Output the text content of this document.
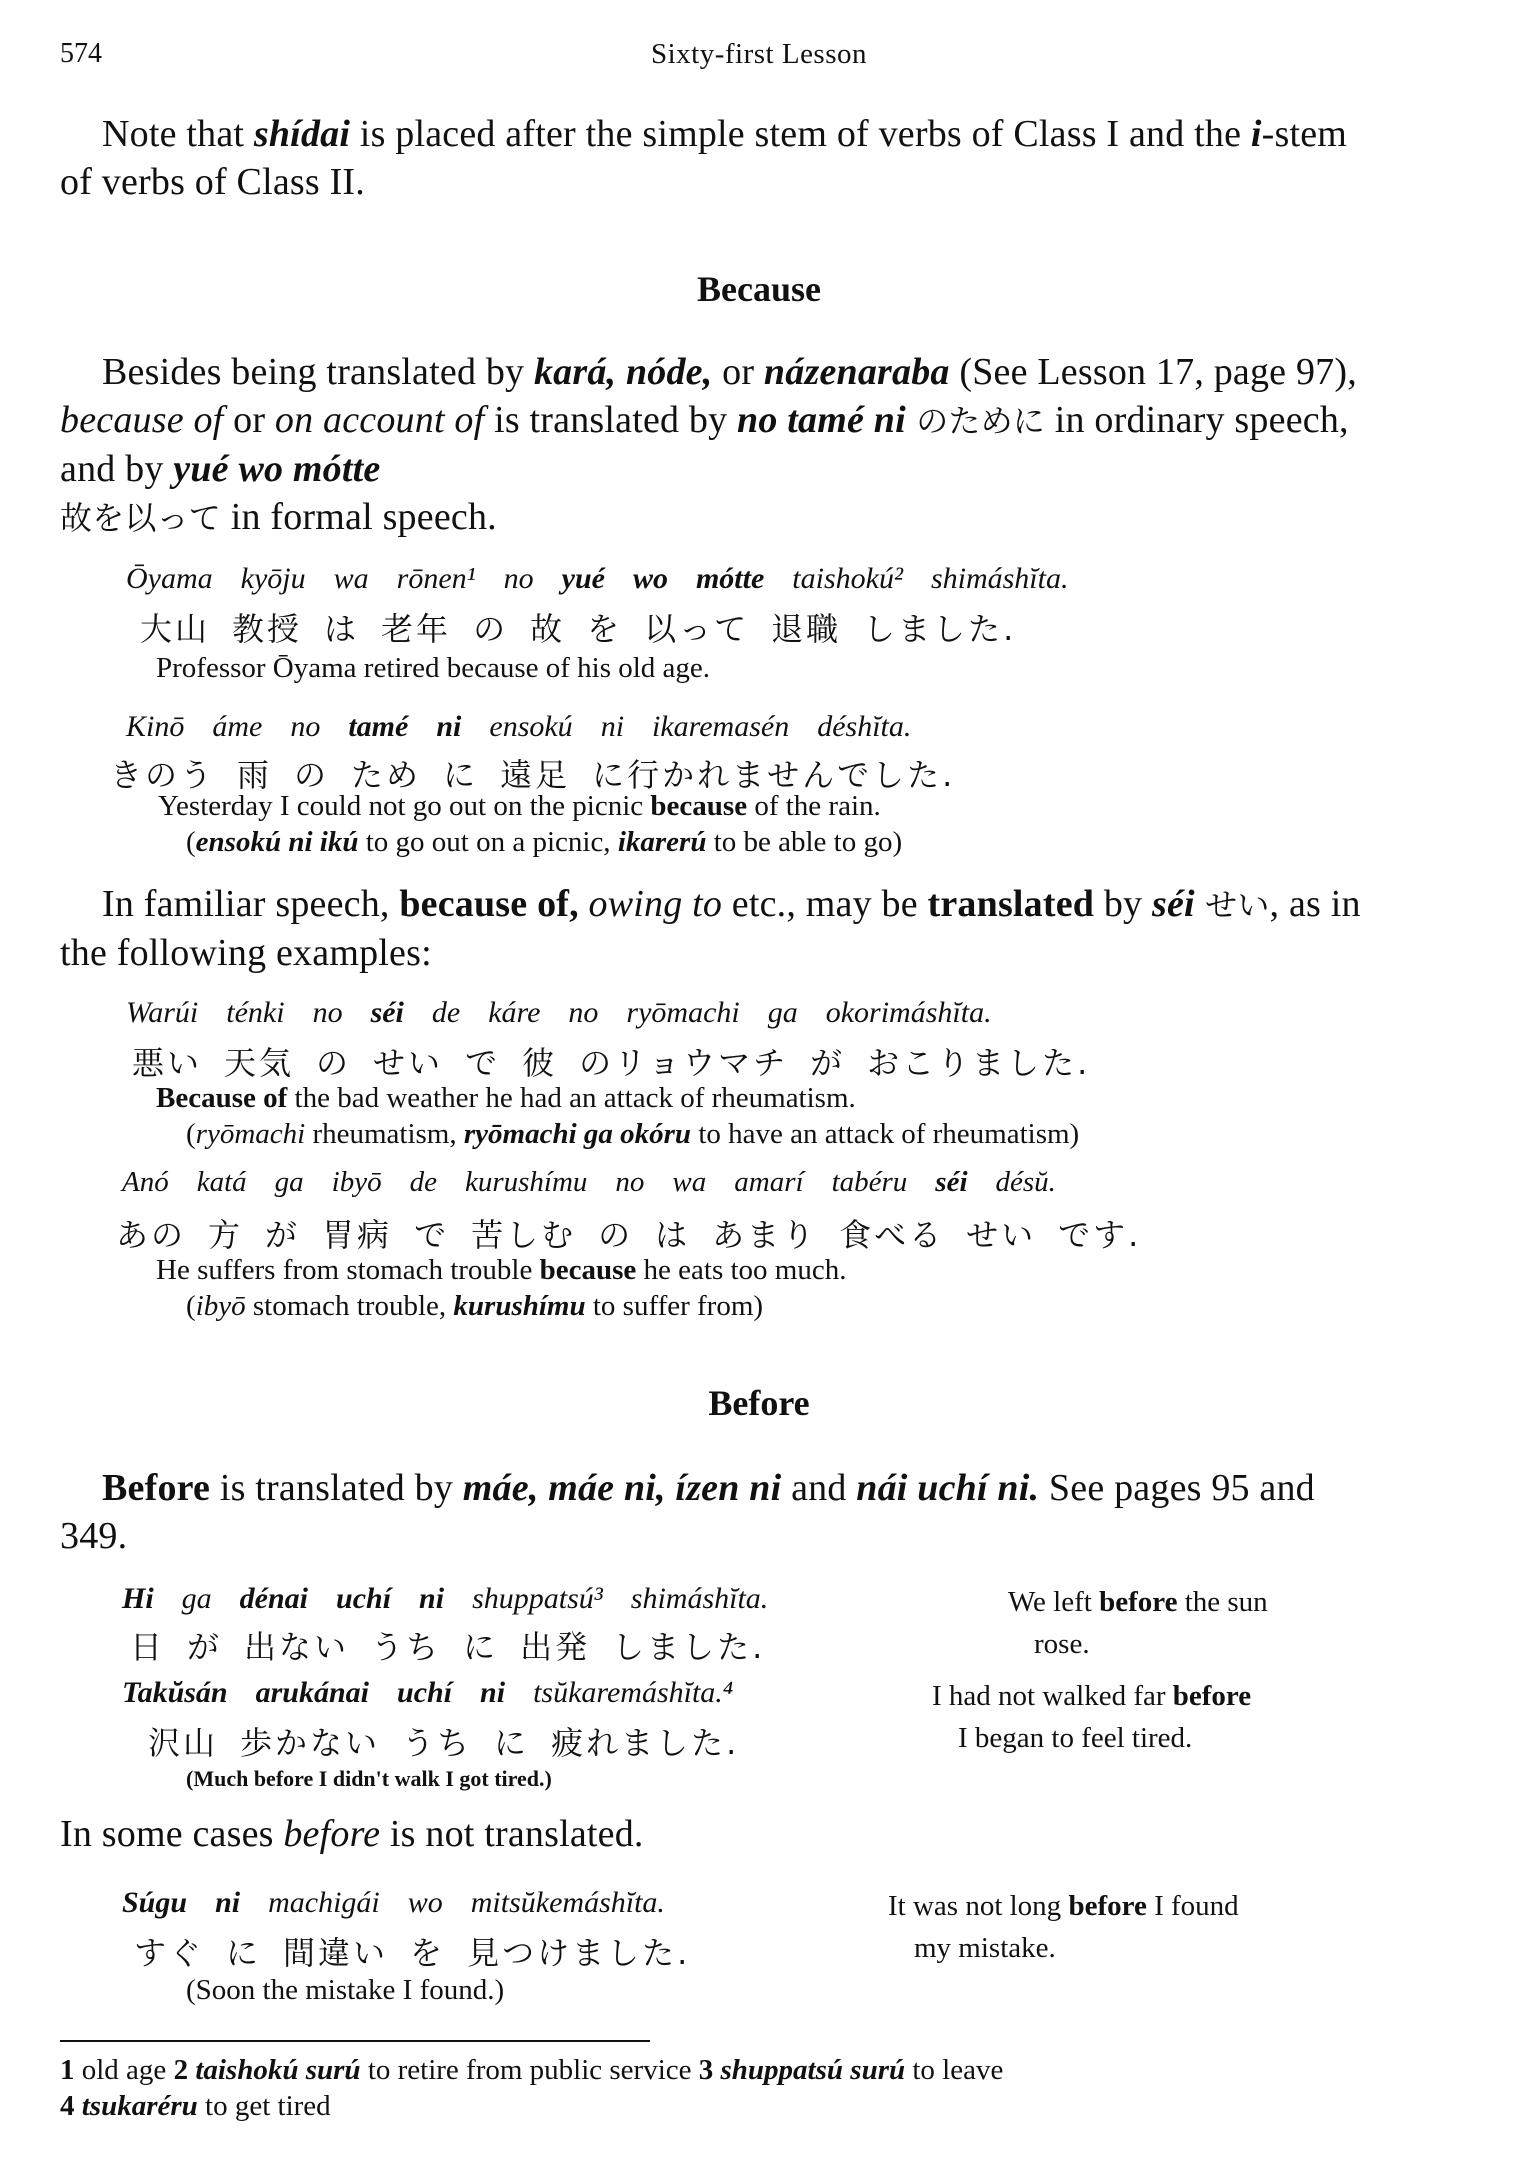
574	Sixty-first Lesson
Note that shídai is placed after the simple stem of verbs of Class I and the i-stem of verbs of Class II.
Because
Besides being translated by kará, nóde, or názenaraba (See Lesson 17, page 97), because of or on account of is translated by no tamé ni のために in ordinary speech, and by yué wo mótte
故を以って in formal speech.
Ōyama kyōju wa rōnen¹ no yué wo mótte taishokú² shimáshĭta.
大山 教授 は 老年 の 故 を 以って 退職 しました.
Professor Ōyama retired because of his old age.
Kinō áme no tamé ni ensokú ni ikaremasén déshĭta.
きのう 雨 の ため に 遠足 に行かれませんでした.
Yesterday I could not go out on the picnic because of the rain.
(ensokú ni ikú to go out on a picnic, ikarerú to be able to go)
In familiar speech, because of, owing to etc., may be translated by séi せい, as in the following examples:
Warúi ténki no séi de káre no ryōmachi ga okorimáshĭta.
悪い 天気 の せい で 彼 のリョウマチ が おこりました.
Because of the bad weather he had an attack of rheumatism.
(ryōmachi rheumatism, ryōmachi ga okóru to have an attack of rheumatism)
Anó katá ga ibyō de kurushímu no wa amarí tabéru séi désŭ.
あの 方 が 胃病 で 苦しむ の は あまり 食べる せい です.
He suffers from stomach trouble because he eats too much.
(ibyō stomach trouble, kurushímu to suffer from)
Before
Before is translated by máe, máe ni, ízen ni and nái uchí ni. See pages 95 and 349.
Hi ga dénai uchí ni shuppatsú³ shimáshĭta.
日 が 出ない うち に 出発 しました.
We left before the sun
rose.
Takŭsán arukánai uchí ni tsŭkaremáshĭta.⁴
沢山 歩かない うち に 疲れました.
I had not walked far before
I began to feel tired.
(Much before I didn't walk I got tired.)
In some cases before is not translated.
Súgu ni machigái wo mitsŭkemáshĭta.
すぐ に 間違い を 見つけました.
It was not long before I found
my mistake.
(Soon the mistake I found.)
1 old age 2 taishokú surú to retire from public service 3 shuppatsú surú to leave
4 tsukaréru to get tired
